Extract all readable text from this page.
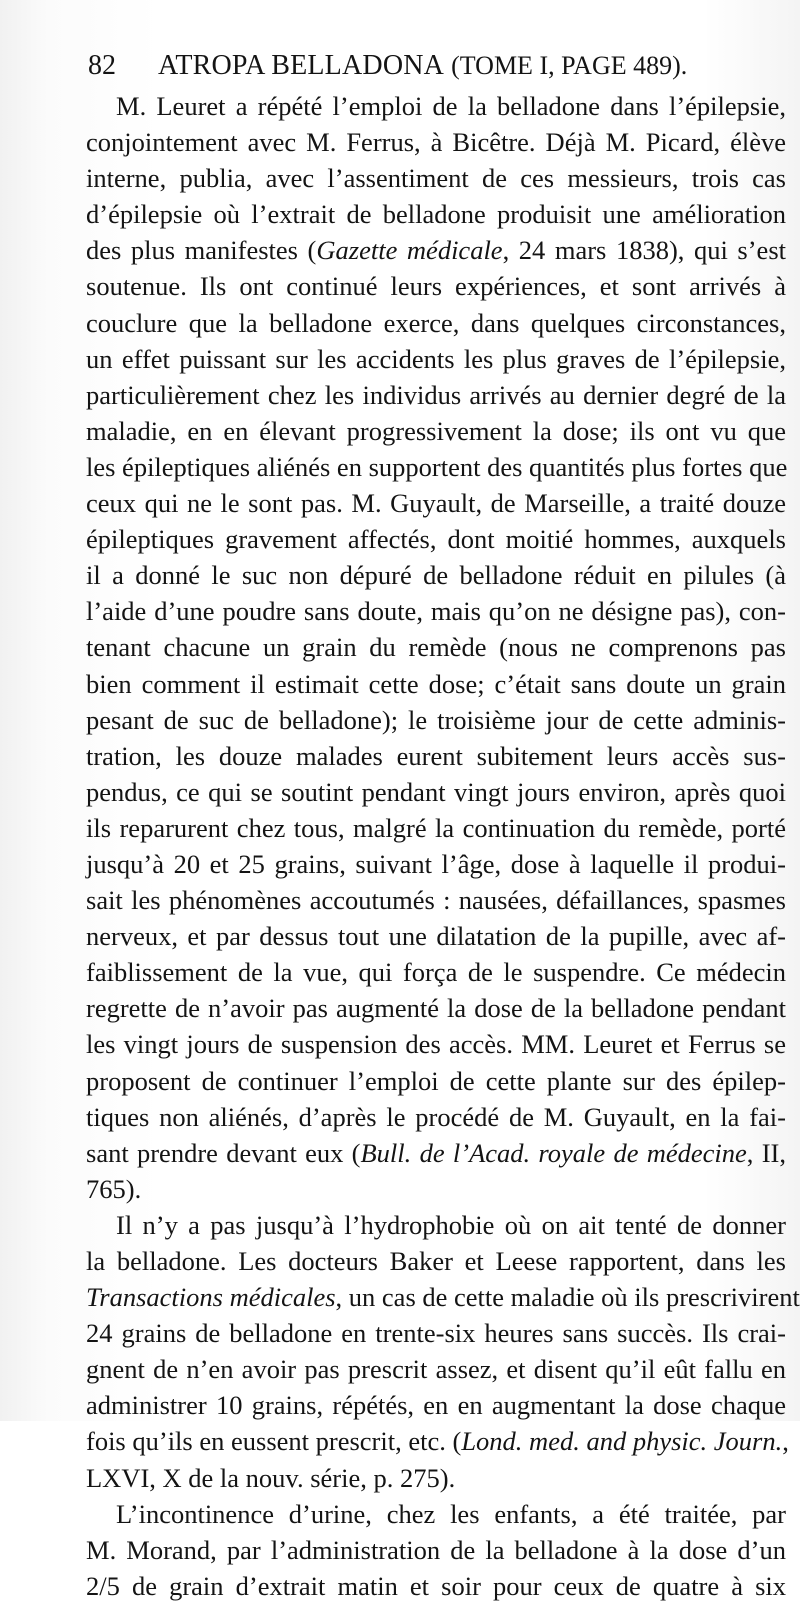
82 ATROPA BELLADONA (TOME I, PAGE 489).

M. Leuret a répété l’emploi de la belladone dans l’épilepsie,
conjointement avec M. Ferrus, à Bicêtre. Déjà M. Picard, élève
interne, publia, avec l’assentiment de ces messieurs, trois cas
d’épilepsie où l’extrait de belladone produisit une amélioration
des plus manifestes (Gazette médicale, 24 mars 1838), qui s’est
soutenue. Ils ont continué leurs expériences, et sont arrivés à
couclure que la belladone exerce, dans quelques circonstances,
un effet puissant sur les accidents les plus graves de l’épilepsie,
particulièrement chez les individus arrivés au dernier degré de la
maladie, en en élevant progressivement la dose; ils ont vu que
les épileptiques aliénés en supportent des quantités plus fortes que
ceux qui ne le sont pas. M. Guyault, de Marseille, a traité douze
épileptiques gravement affectés, dont moitié hommes, auxquels
il a donné le suc non dépuré de belladone réduit en pilules (à
l’aide d’une poudre sans doute, mais qu’on ne désigne pas), con-
tenant chacune un grain du remède (nous ne comprenons pas
bien comment il estimait cette dose; c’était sans doute un grain
pesant de suc de belladone); le troisième jour de cette adminis-
tration, les douze malades eurent subitement leurs accès sus-
pendus, ce qui se soutint pendant vingt jours environ, après quoi
ils reparurent chez tous, malgré la continuation du remède, porté
jusqu’à 20 et 25 grains, suivant l’âge, dose à laquelle il produi-
sait les phénomènes accoutumés : nausées, défaillances, spasmes
nerveux, et par dessus tout une dilatation de la pupille, avec af-
faiblissement de la vue, qui força de le suspendre. Ce médecin
regrette de n’avoir pas augmenté la dose de la belladone pendant
les vingt jours de suspension des accès. MM. Leuret et Ferrus se
proposent de continuer l’emploi de cette plante sur des épilep-
tiques non aliénés, d’après le procédé de M. Guyault, en la fai-
sant prendre devant eux (Bull. de l’Acad. royale de médecine, II,
765).

Il n’y a pas jusqu’à l’hydrophobie où on ait tenté de donner
la belladone. Les docteurs Baker et Leese rapportent, dans les
Transactions médicales, un cas de cette maladie où ils prescrivirent
24 grains de belladone en trente-six heures sans succès. Ils crai-
gnent de n’en avoir pas prescrit assez, et disent qu’il eût fallu en
administrer 10 grains, répétés, en en augmentant la dose chaque
fois qu’ils en eussent prescrit, etc. (Lond. med. and physic. Journ.,
LXVI, X de la nouv. série, p. 275).

L’incontinence d’urine, chez les enfants, a été traitée, par
M. Morand, par l’administration de la belladone à la dose d’un
2/5 de grain d’extrait matin et soir pour ceux de quatre à six
